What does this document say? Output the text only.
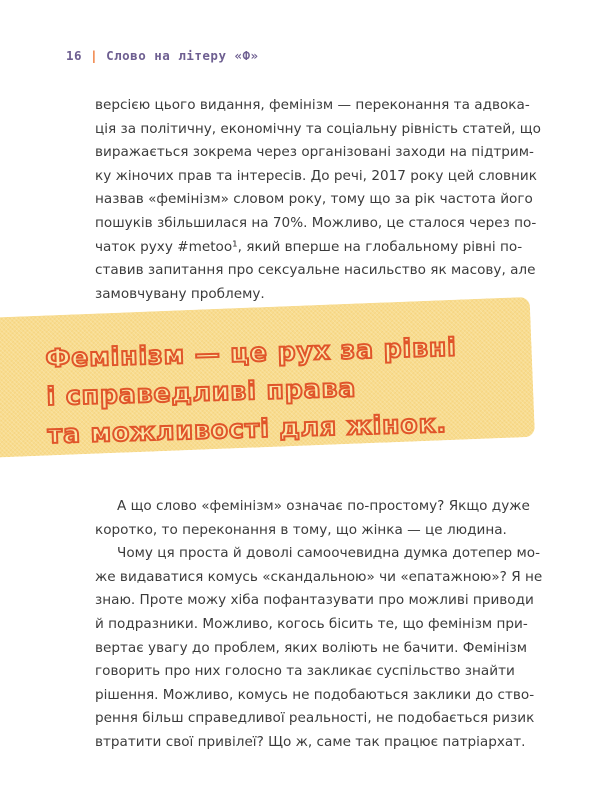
16 | Слово на літеру «Ф»
версією цього видання, фемінізм — переконання та адвока-
ція за політичну, економічну та соціальну рівність статей, що
виражається зокрема через організовані заходи на підтрим-
ку жіночих прав та інтересів. До речі, 2017 року цей словник
назвав «фемінізм» словом року, тому що за рік частота його
пошуків збільшилася на 70%. Можливо, це сталося через по-
чаток руху #metoo¹, який вперше на глобальному рівні по-
ставив запитання про сексуальне насильство як масову, але
замовчувану проблему.
Фемінізм — це рух за рівні
і справедливі права
та можливості для жінок.
А що слово «фемінізм» означає по-простому? Якщо дуже
коротко, то переконання в тому, що жінка — це людина.
Чому ця проста й доволі самоочевидна думка дотепер мо-
же видаватися комусь «скандальною» чи «епатажною»? Я не
знаю. Проте можу хіба пофантазувати про можливі приводи
й подразники. Можливо, когось бісить те, що фемінізм при-
вертає увагу до проблем, яких воліють не бачити. Фемінізм
говорить про них голосно та закликає суспільство знайти
рішення. Можливо, комусь не подобаються заклики до ство-
рення більш справедливої реальності, не подобається ризик
втратити свої привілеї? Що ж, саме так працює патріархат.
